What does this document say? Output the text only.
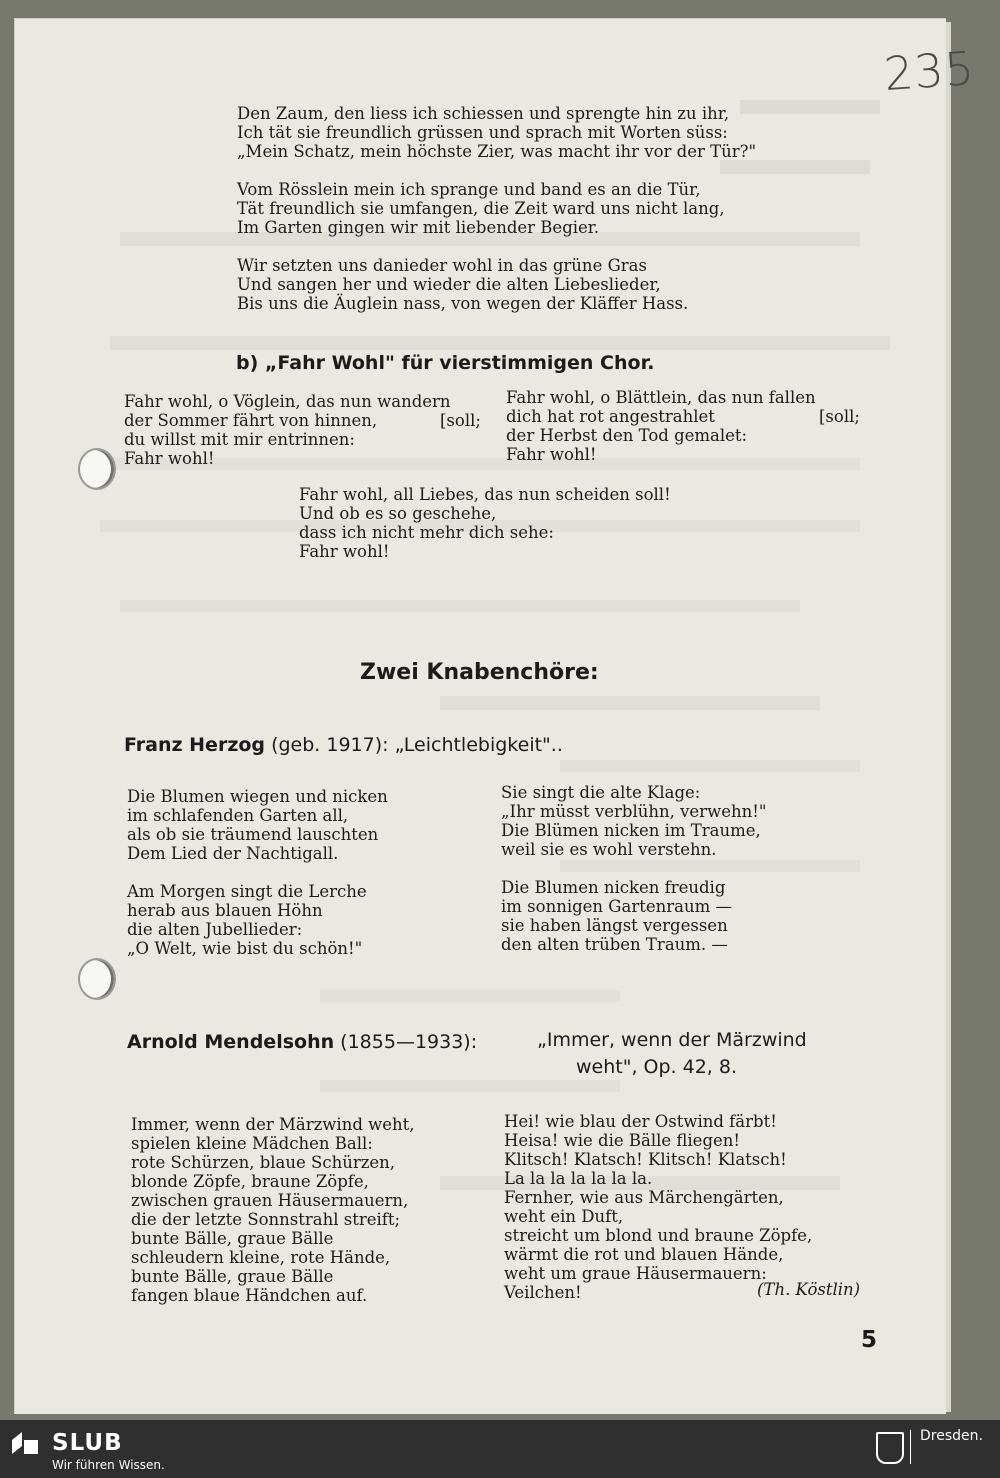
235
Den Zaum, den liess ich schiessen und sprengte hin zu ihr,
Ich tät sie freundlich grüssen und sprach mit Worten süss:
„Mein Schatz, mein höchste Zier, was macht ihr vor der Tür?"
Vom Rösslein mein ich sprange und band es an die Tür,
Tät freundlich sie umfangen, die Zeit ward uns nicht lang,
Im Garten gingen wir mit liebender Begier.
Wir setzten uns danieder wohl in das grüne Gras
Und sangen her und wieder die alten Liebeslieder,
Bis uns die Äuglein nass, von wegen der Kläffer Hass.
b) „Fahr Wohl" für vierstimmigen Chor.
Fahr wohl, o Vöglein, das nun wandern
der Sommer fährt von hinnen,
du willst mit mir entrinnen:
Fahr wohl!
[soll;
Fahr wohl, o Blättlein, das nun fallen
dich hat rot angestrahlet
der Herbst den Tod gemalet:
Fahr wohl!
[soll;
Fahr wohl, all Liebes, das nun scheiden soll!
Und ob es so geschehe,
dass ich nicht mehr dich sehe:
Fahr wohl!
Zwei Knabenchöre:
Franz Herzog (geb. 1917): „Leichtlebigkeit"..
Die Blumen wiegen und nicken
im schlafenden Garten all,
als ob sie träumend lauschten
Dem Lied der Nachtigall.
Am Morgen singt die Lerche
herab aus blauen Höhn
die alten Jubellieder:
„O Welt, wie bist du schön!"
Sie singt die alte Klage:
„Ihr müsst verblühn, verwehn!"
Die Blümen nicken im Traume,
weil sie es wohl verstehn.
Die Blumen nicken freudig
im sonnigen Gartenraum —
sie haben längst vergessen
den alten trüben Traum. —
Arnold Mendelsohn (1855—1933):	„Immer, wenn der Märzwind
weht", Op. 42, 8.
Immer, wenn der Märzwind weht,
spielen kleine Mädchen Ball:
rote Schürzen, blaue Schürzen,
blonde Zöpfe, braune Zöpfe,
zwischen grauen Häusermauern,
die der letzte Sonnstrahl streift;
bunte Bälle, graue Bälle
schleudern kleine, rote Hände,
bunte Bälle, graue Bälle
fangen blaue Händchen auf.
Hei! wie blau der Ostwind färbt!
Heisa! wie die Bälle fliegen!
Klitsch! Klatsch! Klitsch! Klatsch!
La la la la la la la.
Fernher, wie aus Märchengärten,
weht ein Duft,
streicht um blond und braune Zöpfe,
wärmt die rot und blauen Hände,
weht um graue Häusermauern:
Veilchen!	(Th. Köstlin)
5
SLUB
Wir führen Wissen.
Dresden.
